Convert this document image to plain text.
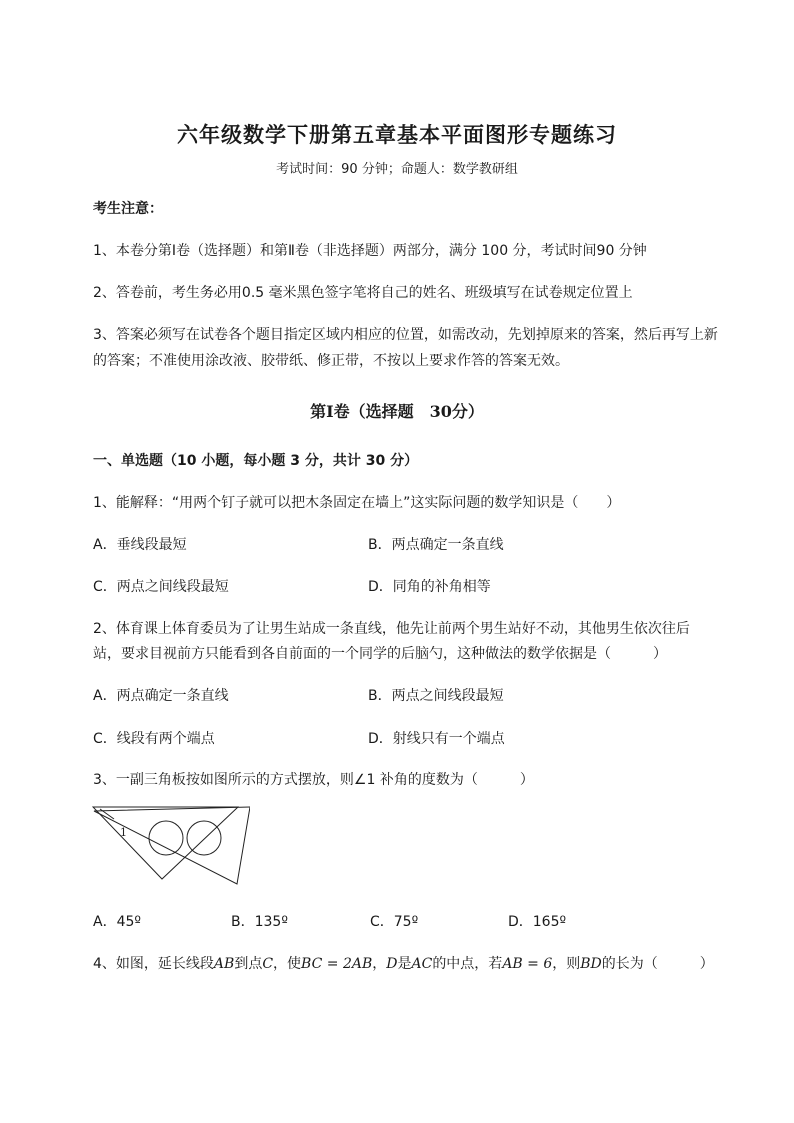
六年级数学下册第五章基本平面图形专题练习
考试时间：90 分钟；命题人：数学教研组
考生注意：
1、本卷分第Ⅰ卷（选择题）和第Ⅱ卷（非选择题）两部分，满分 100 分，考试时间90 分钟
2、答卷前，考生务必用0.5 毫米黑色签字笔将自己的姓名、班级填写在试卷规定位置上
3、答案必须写在试卷各个题目指定区域内相应的位置，如需改动，先划掉原来的答案，然后再写上新
的答案；不准使用涂改液、胶带纸、修正带，不按以上要求作答的答案无效。
第Ⅰ卷（选择题　30分）
一、单选题（10 小题，每小题 3 分，共计 30 分）
1、能解释：“用两个钉子就可以把木条固定在墙上”这实际问题的数学知识是（　　）
A．垂线段最短	B．两点确定一条直线
C．两点之间线段最短	D．同角的补角相等
2、体育课上体育委员为了让男生站成一条直线，他先让前两个男生站好不动，其他男生依次往后
站，要求目视前方只能看到各自前面的一个同学的后脑勺，这种做法的数学依据是（　　　）
A．两点确定一条直线	B．两点之间线段最短
C．线段有两个端点	D．射线只有一个端点
3、一副三角板按如图所示的方式摆放，则∠1 补角的度数为（　　　）
1
A．45º	B．135º	C．75º	D．165º
4、如图，延长线段AB到点C，使BC = 2AB，D是AC的中点，若AB = 6，则BD的长为（　　　）
